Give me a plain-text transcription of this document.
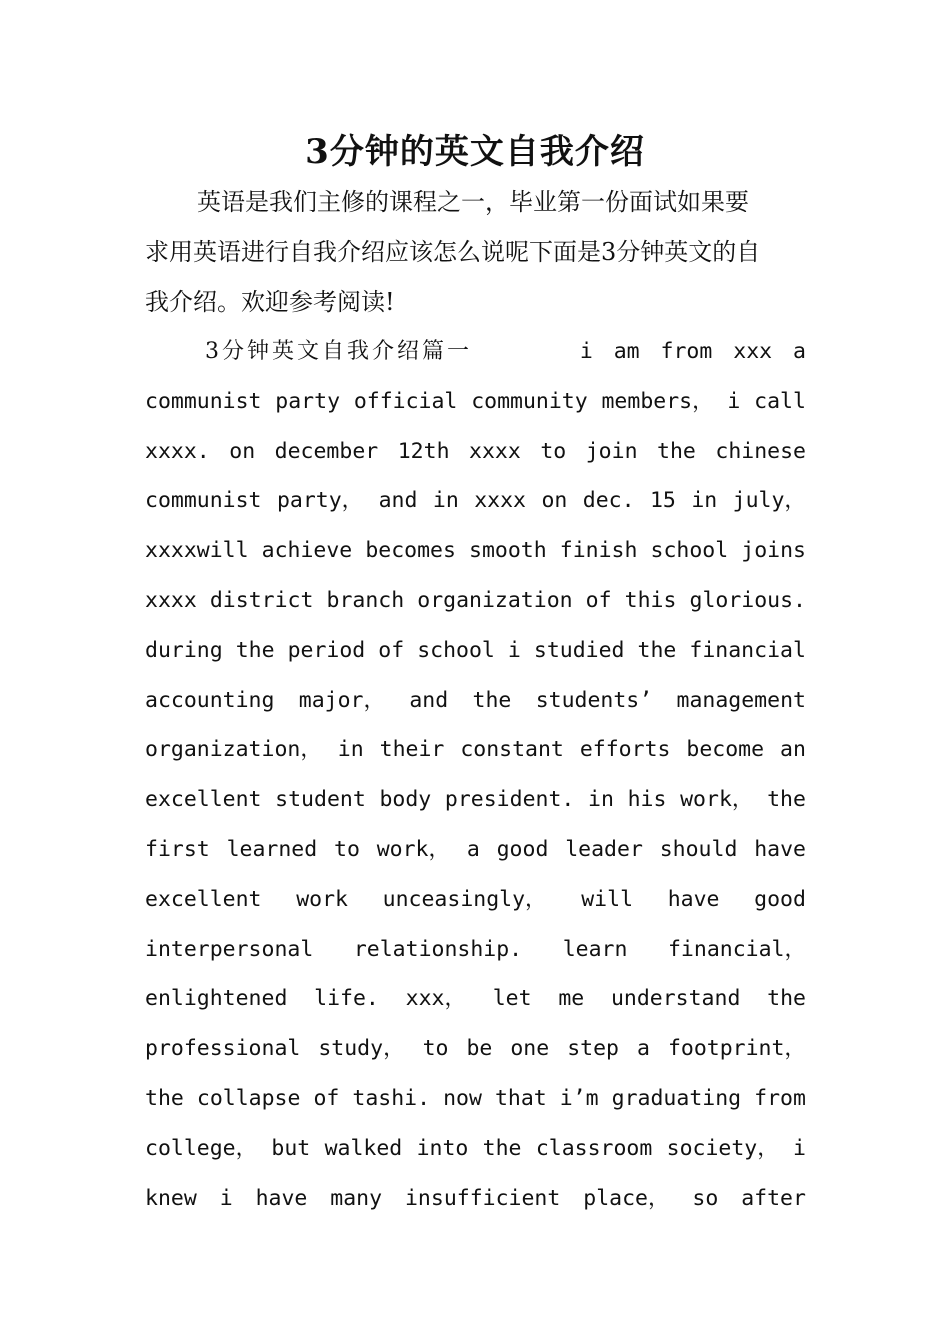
3分钟的英文自我介绍
英语是我们主修的课程之一，毕业第一份面试如果要
求用英语进行自我介绍应该怎么说呢下面是3分钟英文的自
我介绍。欢迎参考阅读!
3分钟英文自我介绍篇一	i am from xxx a
communist party official community members， i call
xxxx. on december 12th xxxx to join the chinese
communist party， and in xxxx on dec. 15 in july，
xxxxwill achieve becomes smooth finish school joins
xxxx district branch organization of this glorious.
during the period of school i studied the financial
accounting major， and the students’ management
organization， in their constant efforts become an
excellent student body president. in his work， the
first learned to work， a good leader should have
excellent work unceasingly， will have good
interpersonal relationship. learn financial，
enlightened life. xxx， let me understand the
professional study， to be one step a footprint，
the collapse of tashi. now that i’m graduating from
college， but walked into the classroom society， i
knew i have many insufficient place， so after
